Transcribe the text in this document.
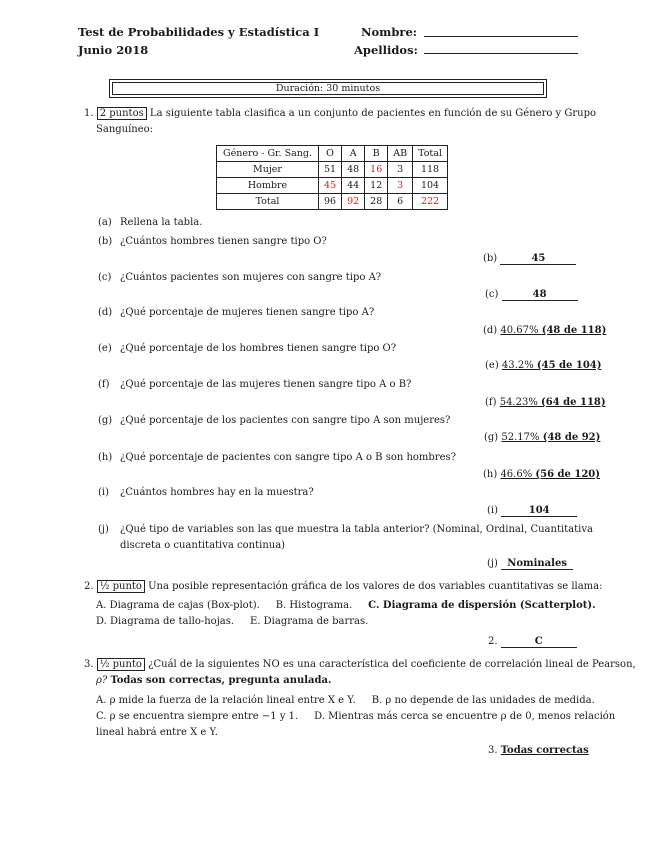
Test de Probabilidades y Estadística I
Junio 2018
Nombre:
Apellidos:
Duración: 30 minutos
1. 2 puntos La siguiente tabla clasifica a un conjunto de pacientes en función de su Género y Grupo
Sanguíneo:
Género - Gr. Sang.	O	A	B	AB	Total
Mujer	51	48	16	3	118
Hombre	45	44	12	3	104
Total	96	92	28	6	222
(a) Rellena la tabla.
(b) ¿Cuántos hombres tienen sangre tipo O?
(b)	45
(c) ¿Cuántos pacientes son mujeres con sangre tipo A?
(c)	48
(d) ¿Qué porcentaje de mujeres tienen sangre tipo A?
(d) 40.67% (48 de 118)
(e) ¿Qué porcentaje de los hombres tienen sangre tipo O?
(e) 43.2% (45 de 104)
(f) ¿Qué porcentaje de las mujeres tienen sangre tipo A o B?
(f) 54.23% (64 de 118)
(g) ¿Qué porcentaje de los pacientes con sangre tipo A son mujeres?
(g) 52.17% (48 de 92)
(h) ¿Qué porcentaje de pacientes con sangre tipo A o B son hombres?
(h) 46.6% (56 de 120)
(i) ¿Cuántos hombres hay en la muestra?
(i)	104
(j) ¿Qué tipo de variables son las que muestra la tabla anterior? (Nominal, Ordinal, Cuantitativa
discreta o cuantitativa continua)
(j) Nominales
2. ½ punto Una posible representación gráfica de los valores de dos variables cuantitativas se llama:
A. Diagrama de cajas (Box-plot). B. Histograma. C. Diagrama de dispersión (Scatterplot).
D. Diagrama de tallo-hojas. E. Diagrama de barras.
2.	C
3. ½ punto ¿Cuál de la siguientes NO es una característica del coeficiente de correlación lineal de Pearson,
ρ? Todas son correctas, pregunta anulada.
A. ρ mide la fuerza de la relación lineal entre X e Y. B. ρ no depende de las unidades de medida.
C. ρ se encuentra siempre entre −1 y 1. D. Mientras más cerca se encuentre ρ de 0, menos relación
lineal habrá entre X e Y.
3. Todas correctas
